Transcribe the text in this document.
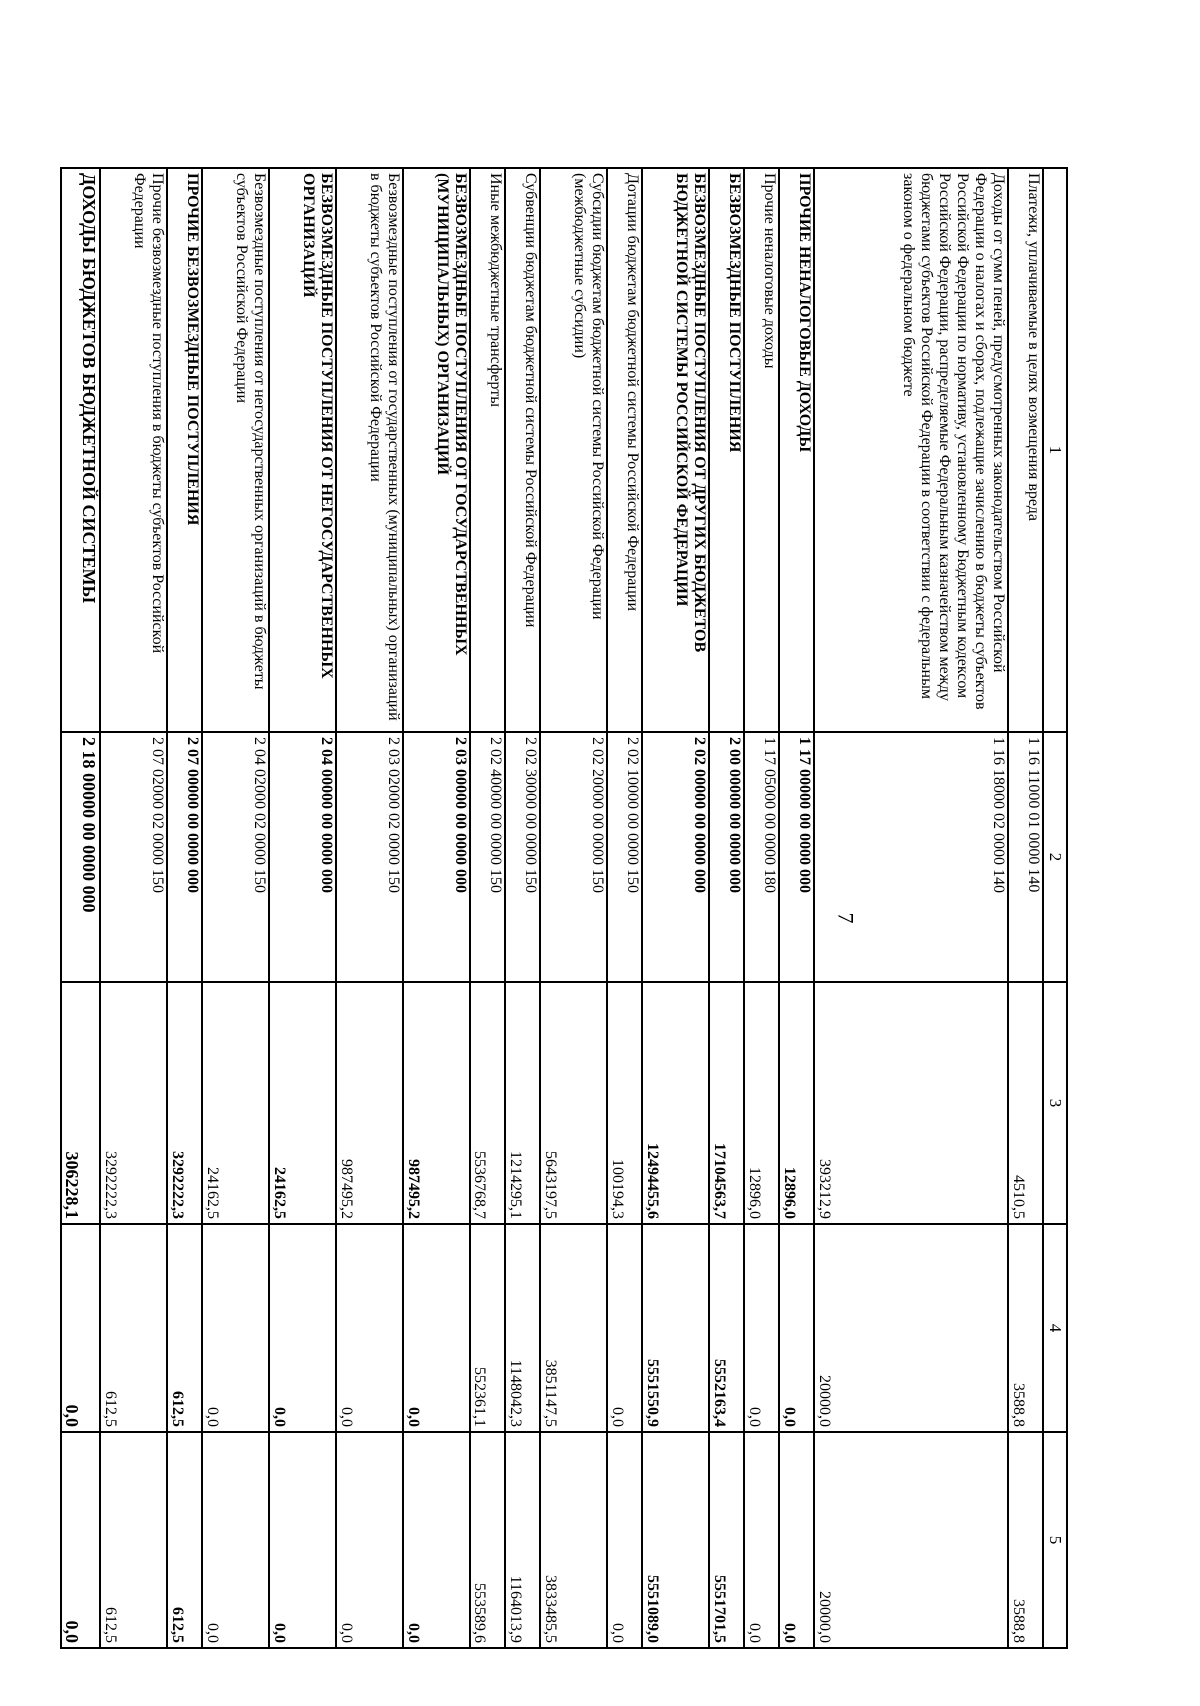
7
1	2	3	4	5
Платежи, уплачиваемые в целях возмещения вреда	1 16 11000 01 0000 140	4510,5	3588,8	3588,8
Доходы от сумм пеней, предусмотренных законодательством Российской Федерации о налогах и сборах, подлежащие зачислению в бюджеты субъектов Российской Федерации по нормативу, установленному Бюджетным кодексом Российской Федерации, распределяемые Федеральным казначейством между бюджетами субъектов Российской Федерации в соответствии с федеральным законом о федеральном бюджете	1 16 18000 02 0000 140	393212,9	20000,0	20000,0
ПРОЧИЕ НЕНАЛОГОВЫЕ ДОХОДЫ	1 17 00000 00 0000 000	12896,0	0,0	0,0
Прочие неналоговые доходы	1 17 05000 00 0000 180	12896,0	0,0	0,0
БЕЗВОЗМЕЗДНЫЕ ПОСТУПЛЕНИЯ	2 00 00000 00 0000 000	17104563,7	5552163,4	5551701,5
БЕЗВОЗМЕЗДНЫЕ ПОСТУПЛЕНИЯ ОТ ДРУГИХ БЮДЖЕТОВ БЮДЖЕТНОЙ СИСТЕМЫ РОССИЙСКОЙ ФЕДЕРАЦИИ	2 02 00000 00 0000 000	12494455,6	5551550,9	5551089,0
Дотации бюджетам бюджетной системы Российской Федерации	2 02 10000 00 0000 150	100194,3	0,0	0,0
Субсидии бюджетам бюджетной системы Российской Федерации (межбюджетные субсидии)	2 02 20000 00 0000 150	5643197,5	3851147,5	3833485,5
Субвенции бюджетам бюджетной системы Российской Федерации	2 02 30000 00 0000 150	1214295,1	1148042,3	1164013,9
Иные межбюджетные трансферты	2 02 40000 00 0000 150	5536768,7	552361,1	553589,6
БЕЗВОЗМЕЗДНЫЕ ПОСТУПЛЕНИЯ ОТ ГОСУДАРСТВЕННЫХ (МУНИЦИПАЛЬНЫХ) ОРГАНИЗАЦИЙ	2 03 00000 00 0000 000	987495,2	0,0	0,0
Безвозмездные поступления от государственных (муниципальных) организаций в бюджеты субъектов Российской Федерации	2 03 02000 02 0000 150	987495,2	0,0	0,0
БЕЗВОЗМЕЗДНЫЕ ПОСТУПЛЕНИЯ ОТ НЕГОСУДАРСТВЕННЫХ ОРГАНИЗАЦИЙ	2 04 00000 00 0000 000	24162,5	0,0	0,0
Безвозмездные поступления от негосударственных организаций в бюджеты субъектов Российской Федерации	2 04 02000 02 0000 150	24162,5	0,0	0,0
ПРОЧИЕ БЕЗВОЗМЕЗДНЫЕ ПОСТУПЛЕНИЯ	2 07 00000 00 0000 000	3292222,3	612,5	612,5
Прочие безвозмездные поступления в бюджеты субъектов Российской Федерации	2 07 02000 02 0000 150	3292222,3	612,5	612,5
ДОХОДЫ БЮДЖЕТОВ БЮДЖЕТНОЙ СИСТЕМЫ	2 18 00000 00 0000 000	306228,1	0,0	0,0
